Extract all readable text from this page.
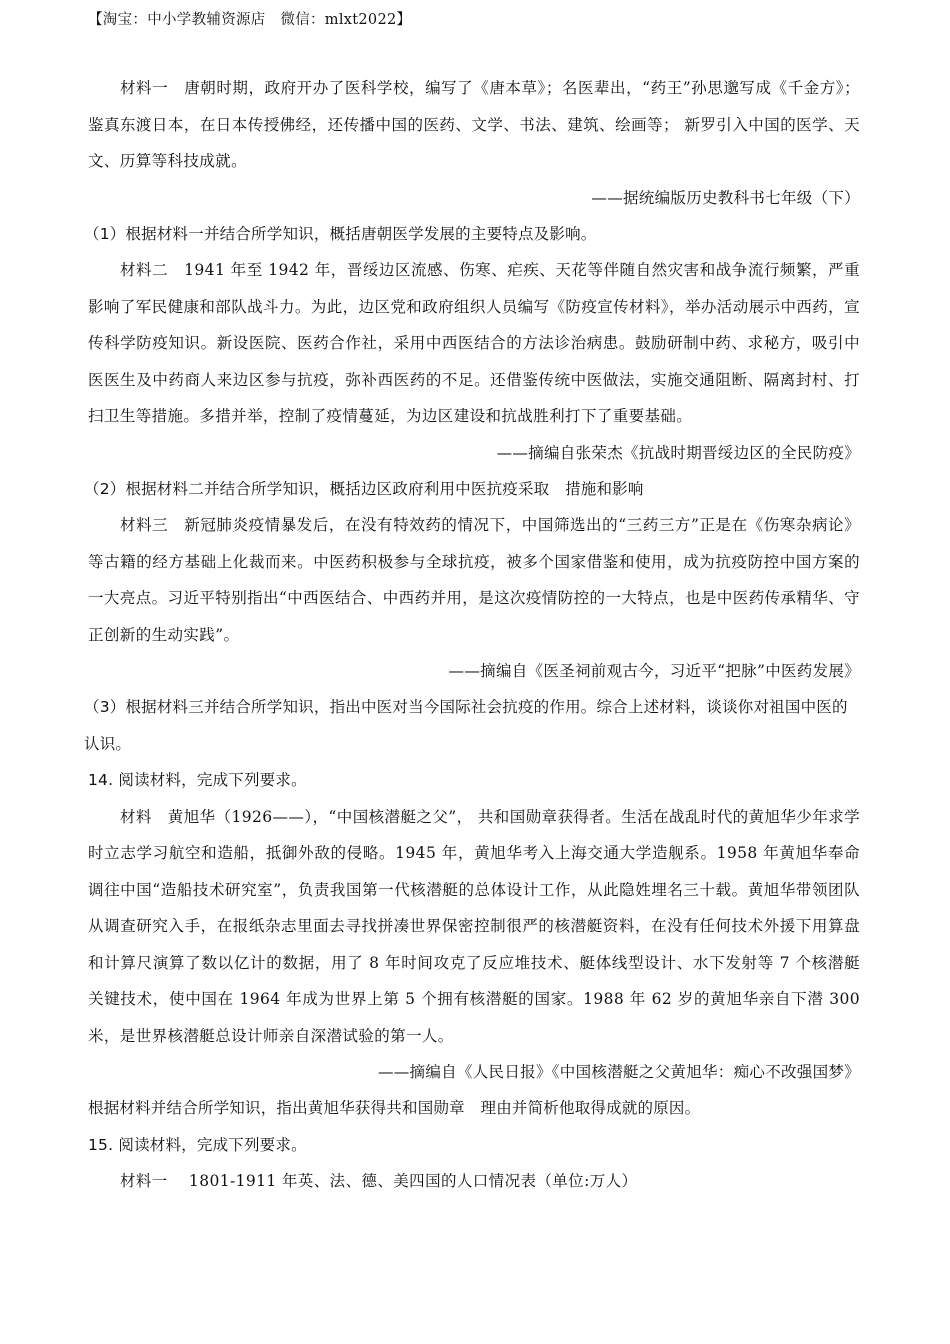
【淘宝：中小学教辅资源店　微信：mlxt2022】

材料一　唐朝时期，政府开办了医科学校，编写了《唐本草》；名医辈出，“药王”孙思邈写成《千金方》；鉴真东渡日本，在日本传授佛经，还传播中国的医药、文学、书法、建筑、绘画等； 新罗引入中国的医学、天文、历算等科技成就。

——据统编版历史教科书七年级（下）

（1）根据材料一并结合所学知识，概括唐朝医学发展的主要特点及影响。

材料二　1941 年至 1942 年，晋绥边区流感、伤寒、疟疾、天花等伴随自然灾害和战争流行频繁，严重影响了军民健康和部队战斗力。为此，边区党和政府组织人员编写《防疫宣传材料》，举办活动展示中西药，宣传科学防疫知识。新设医院、医药合作社，采用中西医结合的方法诊治病患。鼓励研制中药、求秘方，吸引中医医生及中药商人来边区参与抗疫，弥补西医药的不足。还借鉴传统中医做法，实施交通阻断、隔离封村、打扫卫生等措施。多措并举，控制了疫情蔓延，为边区建设和抗战胜利打下了重要基础。

——摘编自张荣杰《抗战时期晋绥边区的全民防疫》

（2）根据材料二并结合所学知识，概括边区政府利用中医抗疫采取　措施和影响

材料三　新冠肺炎疫情暴发后，在没有特效药的情况下，中国筛选出的“三药三方”正是在《伤寒杂病论》等古籍的经方基础上化裁而来。中医药积极参与全球抗疫，被多个国家借鉴和使用，成为抗疫防控中国方案的一大亮点。习近平特别指出“中西医结合、中西药并用，是这次疫情防控的一大特点，也是中医药传承精华、守正创新的生动实践”。

——摘编自《医圣祠前观古今，习近平“把脉”中医药发展》

（3）根据材料三并结合所学知识，指出中医对当今国际社会抗疫的作用。综合上述材料，谈谈你对祖国中医的认识。

14. 阅读材料，完成下列要求。

材料　黄旭华（1926——），“中国核潜艇之父”， 共和国勋章获得者。生活在战乱时代的黄旭华少年求学时立志学习航空和造船，抵御外敌的侵略。1945 年，黄旭华考入上海交通大学造舰系。1958 年黄旭华奉命调往中国“造船技术研究室”，负责我国第一代核潜艇的总体设计工作，从此隐姓埋名三十载。黄旭华带领团队从调查研究入手，在报纸杂志里面去寻找拼凑世界保密控制很严的核潜艇资料，在没有任何技术外援下用算盘和计算尺演算了数以亿计的数据，用了 8 年时间攻克了反应堆技术、艇体线型设计、水下发射等 7 个核潜艇关键技术，使中国在 1964 年成为世界上第 5 个拥有核潜艇的国家。1988 年 62 岁的黄旭华亲自下潜 300 米，是世界核潜艇总设计师亲自深潜试验的第一人。

——摘编自《人民日报》《中国核潜艇之父黄旭华：痴心不改强国梦》

根据材料并结合所学知识，指出黄旭华获得共和国勋章　理由并简析他取得成就的原因。

15. 阅读材料，完成下列要求。

材料一　 1801-1911 年英、法、德、美四国的人口情况表（单位:万人）
